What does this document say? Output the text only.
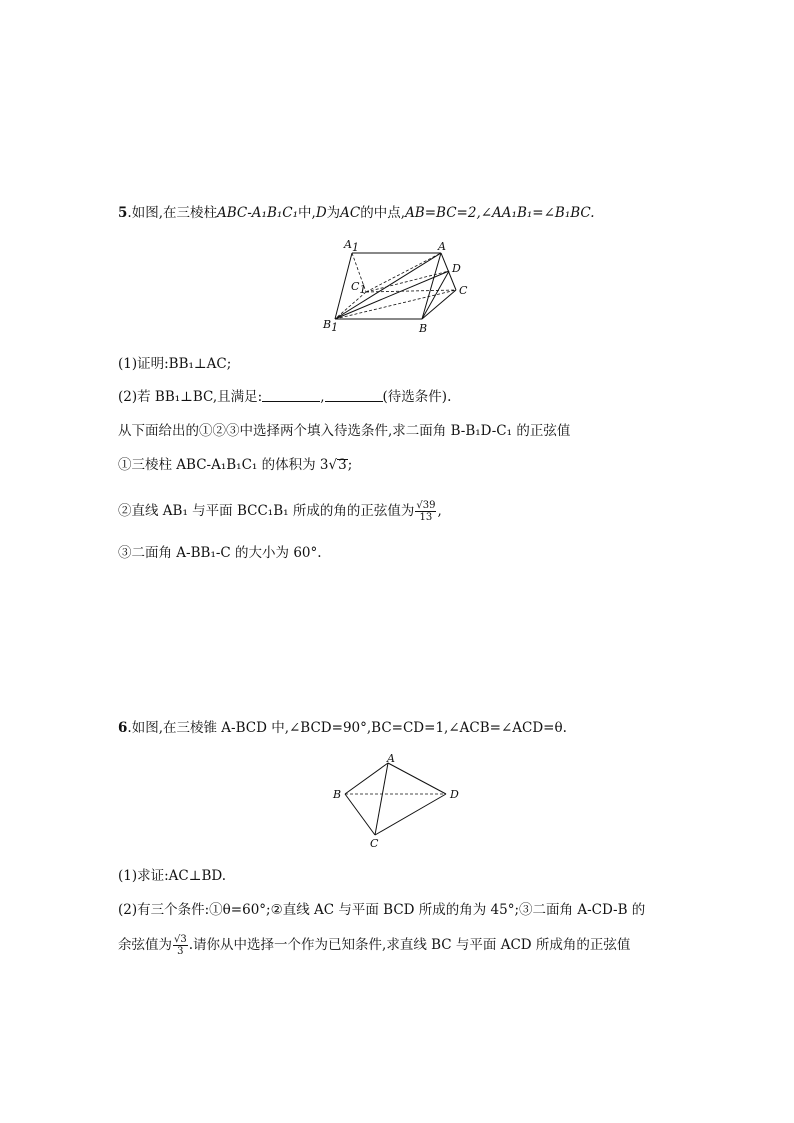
5.如图,在三棱柱ABC-A₁B₁C₁中,D为AC的中点,AB=BC=2,∠AA₁B₁=∠B₁BC.
A1	A
D
C1	C
B1	B
(1)证明:BB₁⊥AC;
(2)若 BB₁⊥BC,且满足:	,	(待选条件).
从下面给出的①②③中选择两个填入待选条件,求二面角 B-B₁D-C₁ 的正弦值
①三棱柱 ABC-A₁B₁C₁ 的体积为 3√3;
②直线 AB₁ 与平面 BCC₁B₁ 所成的角的正弦值为 $\frac{√39}{13}$ ,
③二面角 A-BB₁-C 的大小为 60°.
6.如图,在三棱锥 A-BCD 中,∠BCD=90°,BC=CD=1,∠ACB=∠ACD=θ.
A
B	D
C
(1)求证:AC⊥BD.
(2)有三个条件:①θ=60°;②直线 AC 与平面 BCD 所成的角为 45°;③二面角 A-CD-B 的
余弦值为 $\frac{√3}{3}$ .请你从中选择一个作为已知条件,求直线 BC 与平面 ACD 所成角的正弦值
